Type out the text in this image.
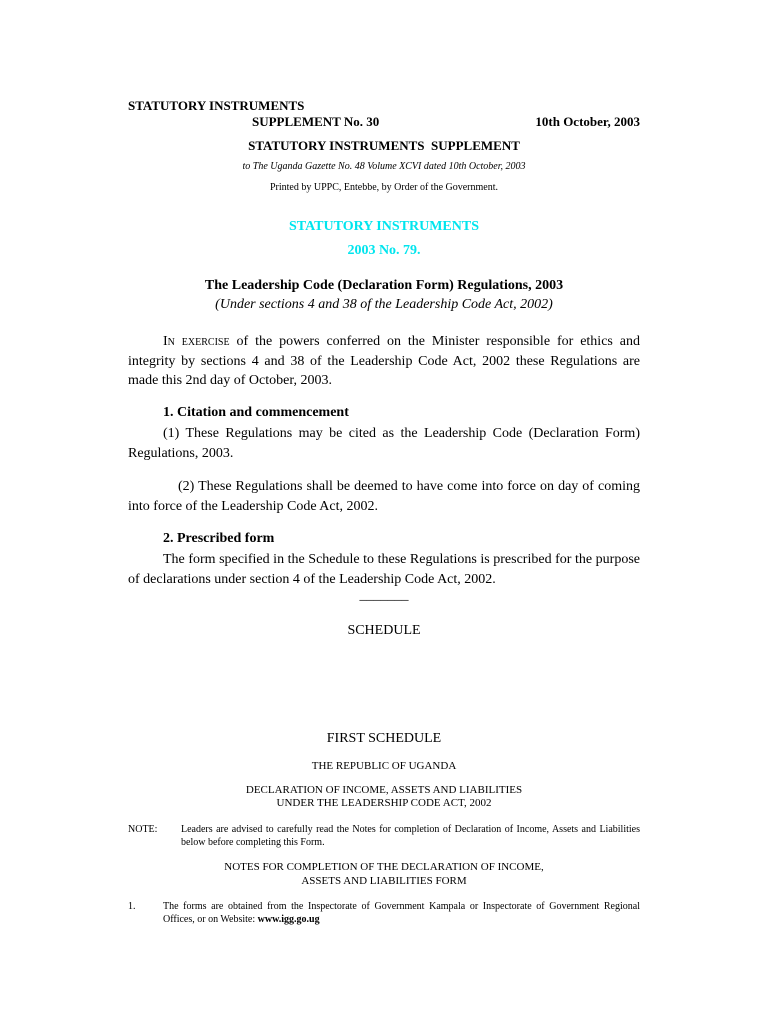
STATUTORY INSTRUMENTS
SUPPLEMENT No. 30	10th October, 2003
STATUTORY INSTRUMENTS  SUPPLEMENT
to The Uganda Gazette No. 48 Volume XCVI dated 10th October, 2003
Printed by UPPC, Entebbe, by Order of the Government.
STATUTORY INSTRUMENTS
2003 No. 79.
The Leadership Code (Declaration Form) Regulations, 2003
(Under sections 4 and 38 of the Leadership Code Act, 2002)
In exercise of the powers conferred on the Minister responsible for ethics and integrity by sections 4 and 38 of the Leadership Code Act, 2002 these Regulations are made this 2nd day of October, 2003.
1. Citation and commencement
(1) These Regulations may be cited as the Leadership Code (Declaration Form) Regulations, 2003.
(2) These Regulations shall be deemed to have come into force on day of coming into force of the Leadership Code Act, 2002.
2. Prescribed form
The form specified in the Schedule to these Regulations is prescribed for the purpose of declarations under section 4 of the Leadership Code Act, 2002.
_______
SCHEDULE
FIRST SCHEDULE
THE REPUBLIC OF UGANDA
DECLARATION OF INCOME, ASSETS AND LIABILITIES
UNDER THE LEADERSHIP CODE ACT, 2002
NOTE: Leaders are advised to carefully read the Notes for completion of Declaration of Income, Assets and Liabilities below before completing this Form.
NOTES FOR COMPLETION OF THE DECLARATION OF INCOME,
ASSETS AND LIABILITIES FORM
1.	The forms are obtained from the Inspectorate of Government Kampala or Inspectorate of Government Regional Offices, or on Website: www.igg.go.ug
